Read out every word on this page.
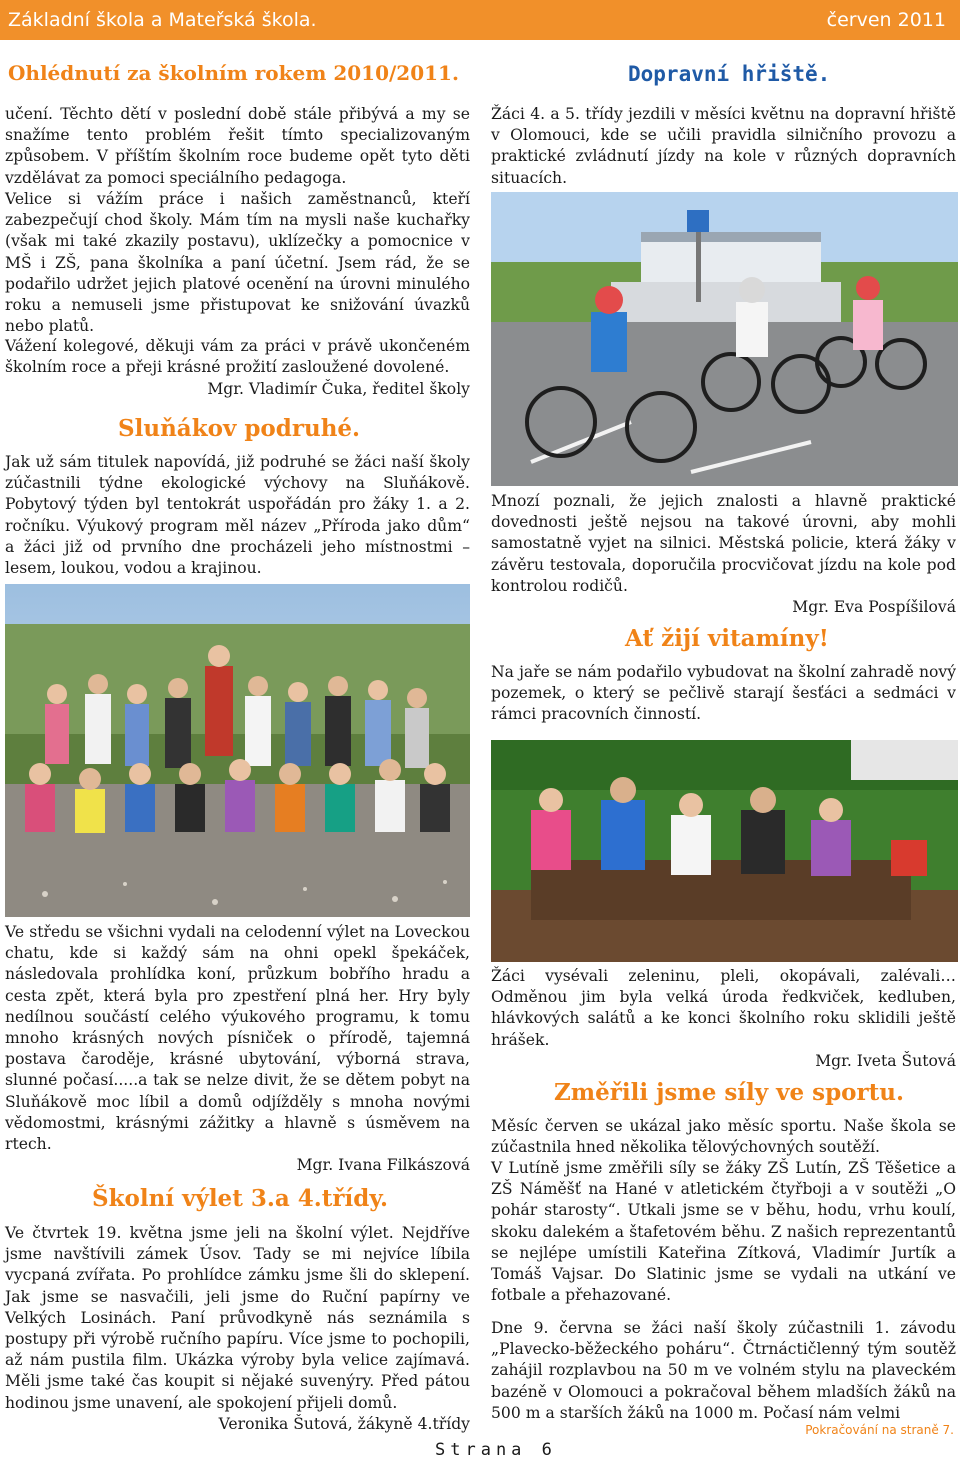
Základní škola a Mateřská škola.	červen 2011
Ohlédnutí za školním rokem 2010/2011.
učení. Těchto dětí v poslední době stále přibývá a my se snažíme tento problém řešit tímto specializovaným způsobem. V příštím školním roce budeme opět tyto děti vzdělávat za pomoci speciálního pedagoga.
Velice si vážím práce i našich zaměstnanců, kteří zabezpečují chod školy. Mám tím na mysli naše kuchařky (však mi také zkazily postavu), uklízečky a pomocnice v MŠ i ZŠ, pana školníka a paní účetní. Jsem rád, že se podařilo udržet jejich platové ocenění na úrovni minulého roku a nemuseli jsme přistupovat ke snižování úvazků nebo platů.
Vážení kolegové, děkuji vám za práci v právě ukončeném školním roce a přeji krásné prožití zasloužené dovolené.
Mgr. Vladimír Čuka, ředitel školy
Sluňákov podruhé.
Jak už sám titulek napovídá, již podruhé se žáci naší školy zúčastnili týdne ekologické výchovy na Sluňákově. Pobytový týden byl tentokrát uspořádán pro žáky 1. a 2. ročníku. Výukový program měl název „Příroda jako dům“ a žáci již od prvního dne procházeli jeho místnostmi – lesem, loukou, vodou a krajinou.
Ve středu se všichni vydali na celodenní výlet na Loveckou chatu, kde si každý sám na ohni opekl špekáček, následovala prohlídka koní, průzkum bobřího hradu a cesta zpět, která byla pro zpestření plná her. Hry byly nedílnou součástí celého výukového programu, k tomu mnoho krásných nových písniček o přírodě, tajemná postava čaroděje, krásné ubytování, výborná strava, slunné počasí.....a tak se nelze divit, že se dětem pobyt na Sluňákově moc líbil a domů odjížděly s mnoha novými vědomostmi, krásnými zážitky a hlavně s úsměvem na rtech.
Mgr. Ivana Filkászová
Školní výlet 3.a 4.třídy.
Ve čtvrtek 19. května jsme jeli na školní výlet. Nejdříve jsme navštívili zámek Úsov. Tady se mi nejvíce líbila vycpaná zvířata. Po prohlídce zámku jsme šli do sklepení. Jak jsme se nasvačili, jeli jsme do Ruční papírny ve Velkých Losinách. Paní průvodkyně nás seznámila s postupy při výrobě ručního papíru. Více jsme to pochopili, až nám pustila film. Ukázka výroby byla velice zajímavá. Měli jsme také čas koupit si nějaké suvenýry. Před pátou hodinou jsme unavení, ale spokojení přijeli domů.
Veronika Šutová, žákyně 4.třídy
Dopravní hřiště.
Žáci 4. a 5. třídy jezdili v měsíci květnu na dopravní hřiště v Olomouci, kde se učili pravidla silničního provozu a praktické zvládnutí jízdy na kole v různých dopravních situacích.
Mnozí poznali, že jejich znalosti a hlavně praktické dovednosti ještě nejsou na takové úrovni, aby mohli samostatně vyjet na silnici. Městská policie, která žáky v závěru testovala, doporučila procvičovat jízdu na kole pod kontrolou rodičů.
Mgr. Eva Pospíšilová
Ať žijí vitamíny!
Na jaře se nám podařilo vybudovat na školní zahradě nový pozemek, o který se pečlivě starají šesťáci a sedmáci v rámci pracovních činností.
Žáci vysévali zeleninu, pleli, okopávali, zalévali… Odměnou jim byla velká úroda ředkviček, kedluben, hlávkových salátů a ke konci školního roku sklidili ještě hrášek.
Mgr. Iveta Šutová
Změřili jsme síly ve sportu.
Měsíc červen se ukázal jako měsíc sportu. Naše škola se zúčastnila hned několika tělovýchovných soutěží.
V Lutíně jsme změřili síly se žáky ZŠ Lutín, ZŠ Těšetice a ZŠ Náměšť na Hané v atletickém čtyřboji a v soutěži „O pohár starosty“. Utkali jsme se v běhu, hodu, vrhu koulí, skoku dalekém a štafetovém běhu. Z našich reprezentantů se nejlépe umístili Kateřina Zítková, Vladimír Jurtík a Tomáš Vajsar. Do Slatinic jsme se vydali na utkání ve fotbale a přehazované.
Dne 9. června se žáci naší školy zúčastnili 1. závodu „Plavecko-běžeckého poháru“. Čtrnáctičlenný tým soutěž zahájil rozplavbou na 50 m ve volném stylu na plaveckém bazéně v Olomouci a pokračoval během mladších žáků na 500 m a starších žáků na 1000 m. Počasí nám velmi
Pokračování na straně 7.
Strana 6
